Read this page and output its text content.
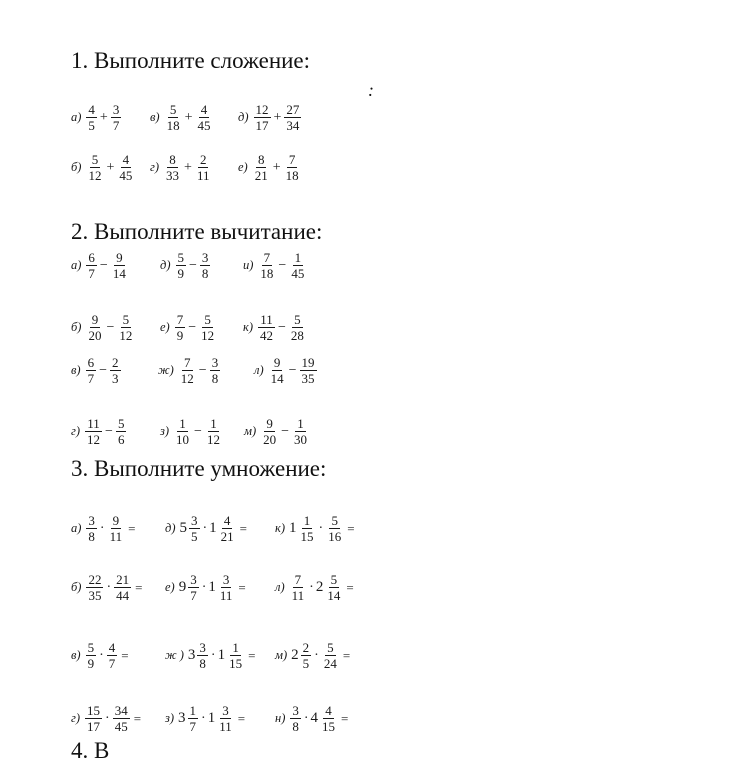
1. Выполните сложение:
:
2. Выполните вычитание:
3. Выполните умножение:
4. В
$а) \frac{4}{5} + \frac{3}{7} в) \frac{5}{18} + \frac{4}{45} д) \frac{12}{17} + \frac{27}{34}$
$б) \frac{5}{12} + \frac{4}{45} г) \frac{8}{33} + \frac{2}{11} е) \frac{8}{21} + \frac{7}{18}$
$а) \frac{6}{7} - \frac{9}{14}$	$д) \frac{5}{9} - \frac{3}{8}$	$и) \frac{7}{18} - \frac{1}{45}$
$б) \frac{9}{20} - \frac{5}{12} е) \frac{7}{9} - \frac{5}{12} к) \frac{11}{42} - \frac{5}{28}$
$в) \frac{6}{7} - \frac{2}{3}$	$ж) \frac{7}{12} - \frac{3}{8}$	$л) \frac{9}{14} - \frac{19}{35}$
$г) \frac{11}{12} - \frac{5}{6}$	$з) \frac{1}{10} - \frac{1}{12} м) \frac{9}{20} - \frac{1}{30}$
$а) \frac{3}{8} \cdot \frac{9}{11} = д$) $5 \frac{3}{5} \cdot 1 \frac{4}{21} = к$) $1 \frac{1}{15} \cdot \frac{5}{16}$ =
$б) \frac{22}{35} \cdot \frac{21}{44} = е$) $9 \frac{3}{7} \cdot 1 \frac{3}{11} = л) \frac{7}{11} \cdot 2 \frac{5}{14}$ =
$в) \frac{5}{9} \cdot \frac{4}{7}$ =	ж ) $3 \frac{3}{8} \cdot 1 \frac{1}{15} = м$) $2 \frac{2}{5} \cdot \frac{5}{24}$ =
$г) \frac{15}{17} \cdot \frac{34}{45} = з$) $3 \frac{1}{7} \cdot 1 \frac{3}{11} = н) \frac{3}{8} \cdot 4 \frac{4}{15}$ =
